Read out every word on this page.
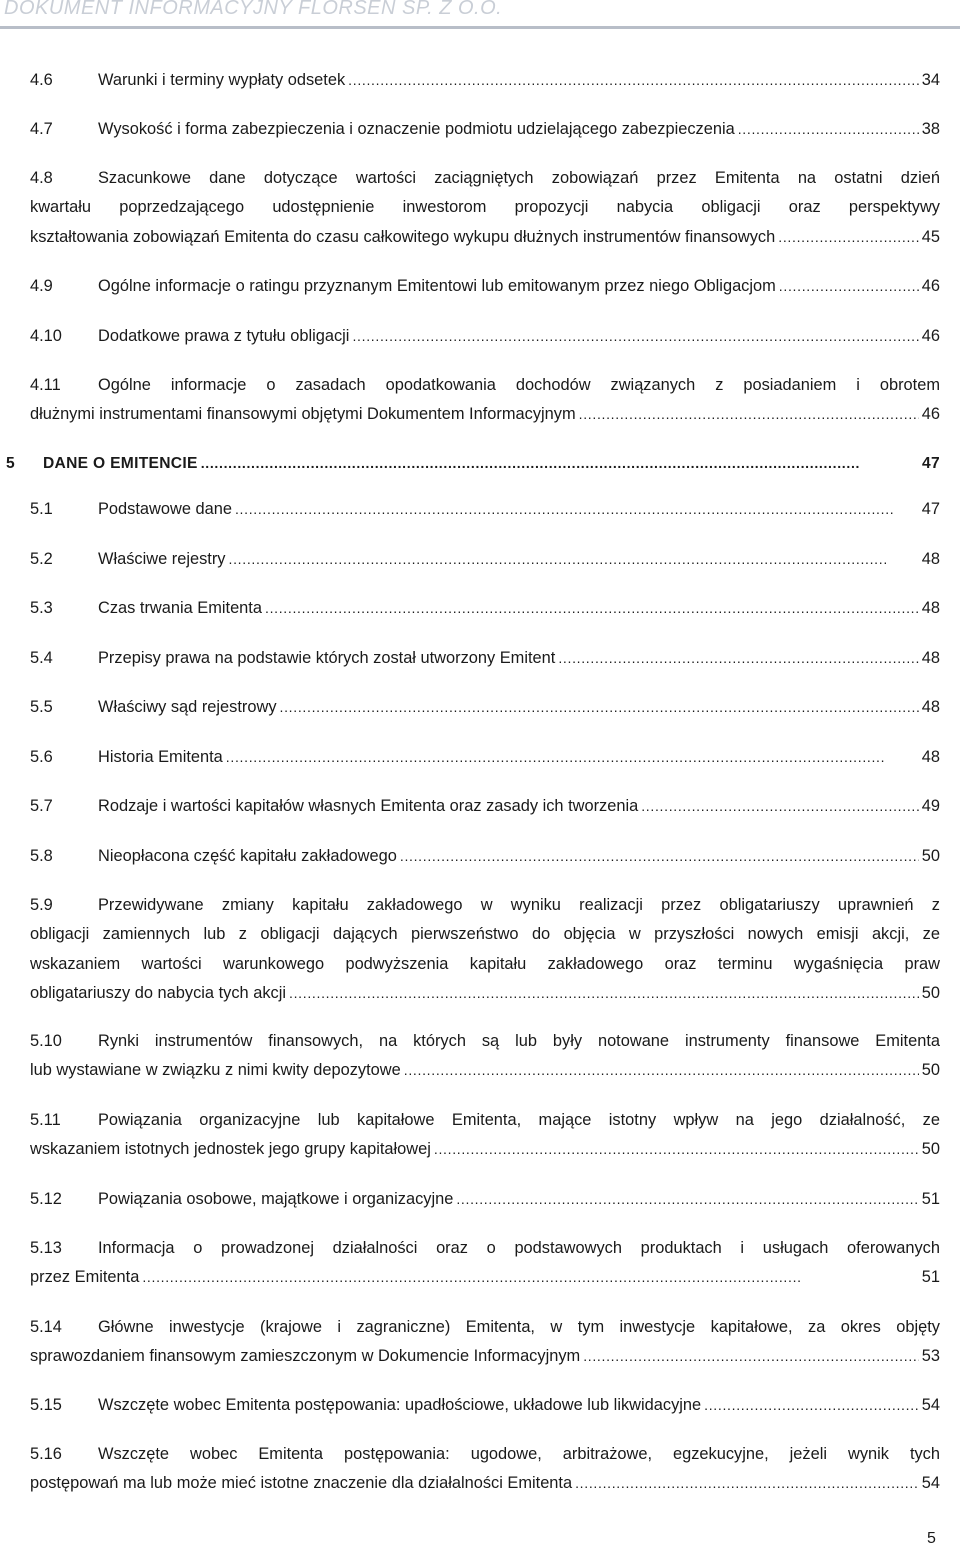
DOKUMENT INFORMACYJNY FLORSEN SP. Z O.O.
4.6	Warunki i terminy wypłaty odsetek . . .	34
4.7	Wysokość i forma zabezpieczenia i oznaczenie podmiotu udzielającego zabezpieczenia . . .	38
4.8	Szacunkowe dane dotyczące wartości zaciągniętych zobowiązań przez Emitenta na ostatni dzień
kwartału poprzedzającego udostępnienie inwestorom propozycji nabycia obligacji oraz perspektywy
kształtowania zobowiązań Emitenta do czasu całkowitego wykupu dłużnych instrumentów finansowych . . .	45
4.9	Ogólne informacje o ratingu przyznanym Emitentowi lub emitowanym przez niego Obligacjom . . .	46
4.10 Dodatkowe prawa z tytułu obligacji . . .	46
4.11 Ogólne informacje o zasadach opodatkowania dochodów związanych z posiadaniem i obrotem
dłużnymi instrumentami finansowymi objętymi Dokumentem Informacyjnym . . .	46
5 DANE O EMITENCIE . . .	47
5.1	Podstawowe dane . . .	47
5.2	Właściwe rejestry . . .	48
5.3	Czas trwania Emitenta . . .	48
5.4	Przepisy prawa na podstawie których został utworzony Emitent . . .	48
5.5	Właściwy sąd rejestrowy . . .	48
5.6	Historia Emitenta . . .	48
5.7	Rodzaje i wartości kapitałów własnych Emitenta oraz zasady ich tworzenia . . .	49
5.8	Nieopłacona część kapitału zakładowego . . .	50
5.9	Przewidywane zmiany kapitału zakładowego w wyniku realizacji przez obligatariuszy uprawnień z
obligacji zamiennych lub z obligacji dających pierwszeństwo do objęcia w przyszłości nowych emisji akcji, ze
wskazaniem wartości warunkowego podwyższenia kapitału zakładowego oraz terminu wygaśnięcia praw
obligatariuszy do nabycia tych akcji . . .	50
5.10 Rynki instrumentów finansowych, na których są lub były notowane instrumenty finansowe Emitenta
lub wystawiane w związku z nimi kwity depozytowe . . .	50
5.11 Powiązania organizacyjne lub kapitałowe Emitenta, mające istotny wpływ na jego działalność, ze
wskazaniem istotnych jednostek jego grupy kapitałowej . . .	50
5.12 Powiązania osobowe, majątkowe i organizacyjne . . .	51
5.13 Informacja o prowadzonej działalności oraz o podstawowych produktach i usługach oferowanych
przez Emitenta . . .	51
5.14 Główne inwestycje (krajowe i zagraniczne) Emitenta, w tym inwestycje kapitałowe, za okres objęty
sprawozdaniem finansowym zamieszczonym w Dokumencie Informacyjnym . . .	53
5.15 Wszczęte wobec Emitenta postępowania: upadłościowe, układowe lub likwidacyjne . . .	54
5.16 Wszczęte wobec Emitenta postępowania: ugodowe, arbitrażowe, egzekucyjne, jeżeli wynik tych
postępowań ma lub może mieć istotne znaczenie dla działalności Emitenta . . .	54
5
